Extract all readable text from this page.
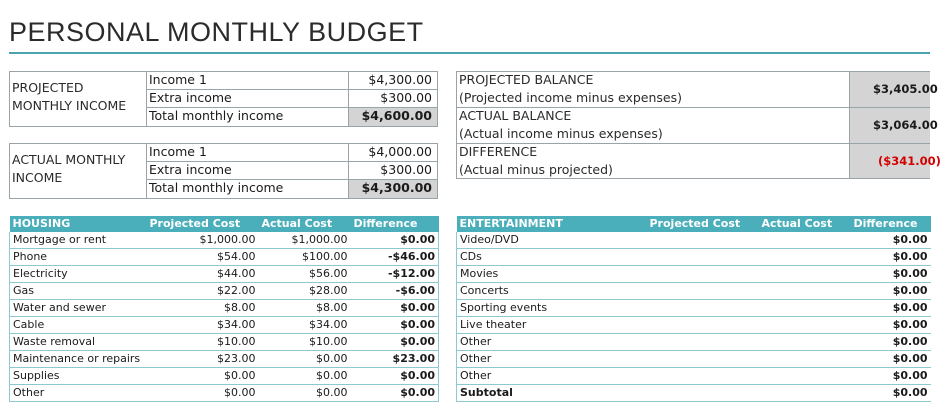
PERSONAL MONTHLY BUDGET
PROJECTED
MONTHLY INCOME
Income 1	$4,300.00
Extra income	$300.00
Total monthly income	$4,600.00
ACTUAL MONTHLY
INCOME
Income 1	$4,000.00
Extra income	$300.00
Total monthly income	$4,300.00
PROJECTED BALANCE
(Projected income minus expenses)
$3,405.00
ACTUAL BALANCE
(Actual income minus expenses)
$3,064.00
DIFFERENCE
(Actual minus projected)
($341.00)
HOUSING	Projected Cost	Actual Cost	Difference
Mortgage or rent	$1,000.00	$1,000.00	$0.00
Phone	$54.00	$100.00	-$46.00
Electricity	$44.00	$56.00	-$12.00
Gas	$22.00	$28.00	-$6.00
Water and sewer	$8.00	$8.00	$0.00
Cable	$34.00	$34.00	$0.00
Waste removal	$10.00	$10.00	$0.00
Maintenance or repairs	$23.00	$0.00	$23.00
Supplies	$0.00	$0.00	$0.00
Other	$0.00	$0.00	$0.00
ENTERTAINMENT	Projected Cost	Actual Cost	Difference
Video/DVD			$0.00
CDs			$0.00
Movies			$0.00
Concerts			$0.00
Sporting events			$0.00
Live theater			$0.00
Other			$0.00
Other			$0.00
Other			$0.00
Subtotal			$0.00
